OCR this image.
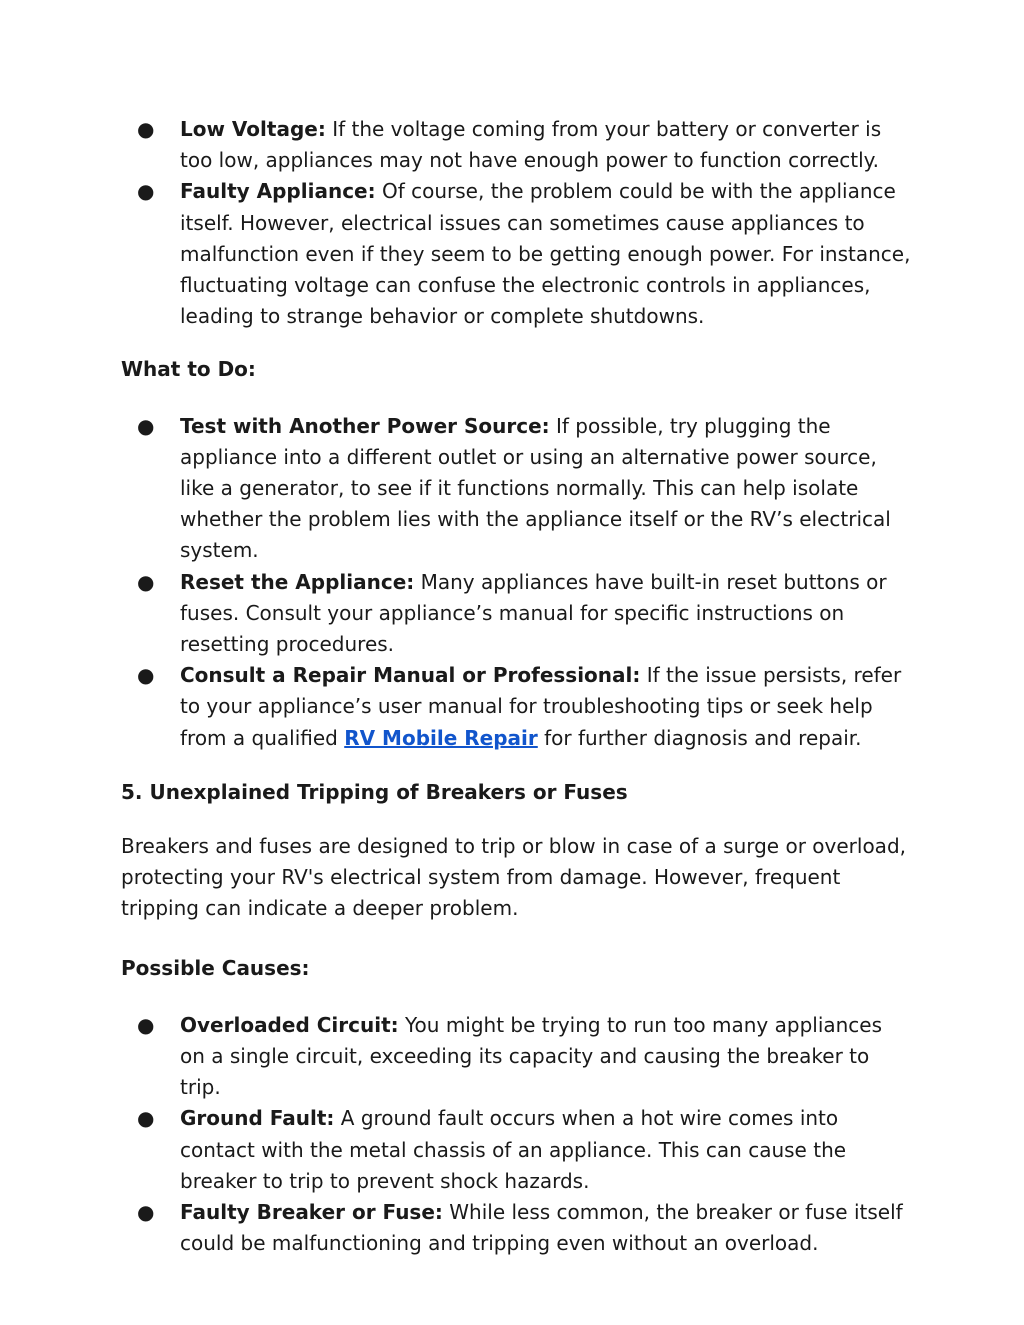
● Low Voltage: If the voltage coming from your battery or converter is too low, appliances may not have enough power to function correctly.
● Faulty Appliance: Of course, the problem could be with the appliance itself. However, electrical issues can sometimes cause appliances to malfunction even if they seem to be getting enough power. For instance, fluctuating voltage can confuse the electronic controls in appliances, leading to strange behavior or complete shutdowns.
What to Do:
● Test with Another Power Source: If possible, try plugging the appliance into a different outlet or using an alternative power source, like a generator, to see if it functions normally. This can help isolate whether the problem lies with the appliance itself or the RV’s electrical system.
● Reset the Appliance: Many appliances have built-in reset buttons or fuses. Consult your appliance’s manual for specific instructions on resetting procedures.
● Consult a Repair Manual or Professional: If the issue persists, refer to your appliance’s user manual for troubleshooting tips or seek help from a qualified RV Mobile Repair for further diagnosis and repair.
5. Unexplained Tripping of Breakers or Fuses

Breakers and fuses are designed to trip or blow in case of a surge or overload, protecting your RV's electrical system from damage. However, frequent tripping can indicate a deeper problem.

Possible Causes:
● Overloaded Circuit: You might be trying to run too many appliances on a single circuit, exceeding its capacity and causing the breaker to trip.
● Ground Fault: A ground fault occurs when a hot wire comes into contact with the metal chassis of an appliance. This can cause the breaker to trip to prevent shock hazards.
● Faulty Breaker or Fuse: While less common, the breaker or fuse itself could be malfunctioning and tripping even without an overload.
